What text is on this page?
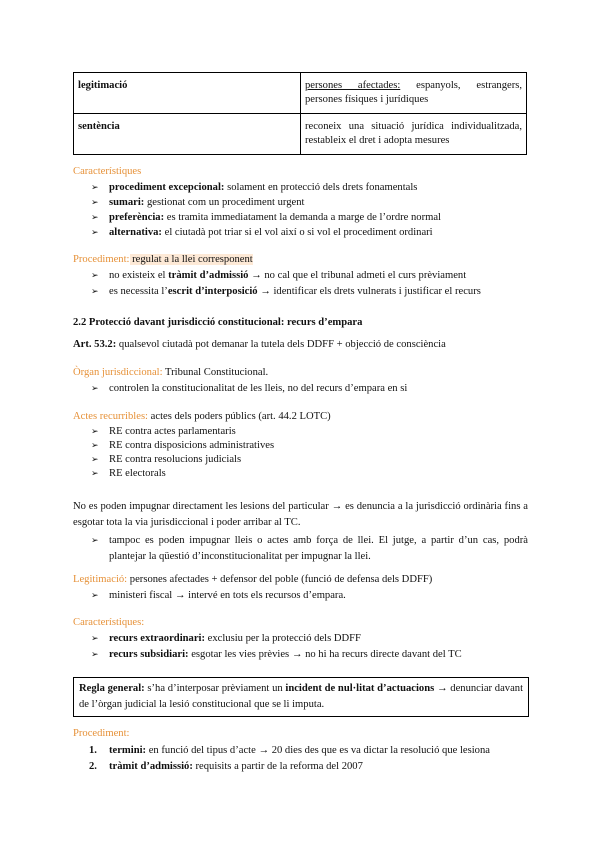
legitimació	persones afectades: espanyols, estrangers, persones físiques i jurídiques
sentència	reconeix una situació jurídica individualitzada, restableix el dret i adopta mesures
Característiques
➢ procediment excepcional: solament en protecció dels drets fonamentals
➢ sumari: gestionat com un procediment urgent
➢ preferència: es tramita immediatament la demanda a marge de l’ordre normal
➢ alternativa: el ciutadà pot triar si el vol així o si vol el procediment ordinari
Procediment: regulat a la llei corresponent
➢ no existeix el tràmit d’admissió → no cal que el tribunal admeti el curs prèviament
➢ es necessita l’escrit d’interposició → identificar els drets vulnerats i justificar el recurs
2.2 Protecció davant jurisdicció constitucional: recurs d’empara
Art. 53.2: qualsevol ciutadà pot demanar la tutela dels DDFF + objecció de consciència
Òrgan jurisdiccional: Tribunal Constitucional.
➢ controlen la constitucionalitat de les lleis, no del recurs d’empara en si
Actes recurribles: actes dels poders públics (art. 44.2 LOTC)
➢ RE contra actes parlamentaris
➢ RE contra disposicions administratives
➢ RE contra resolucions judicials
➢ RE electorals
No es poden impugnar directament les lesions del particular → es denuncia a la jurisdicció ordinària fins a esgotar tota la via jurisdiccional i poder arribar al TC.
➢ tampoc es poden impugnar lleis o actes amb força de llei. El jutge, a partir d’un cas, podrà plantejar la qüestió d’inconstitucionalitat per impugnar la llei.
Legitimació: persones afectades + defensor del poble (funció de defensa dels DDFF)
➢ ministeri fiscal → intervé en tots els recursos d’empara.
Característiques:
➢ recurs extraordinari: exclusiu per la protecció dels DDFF
➢ recurs subsidiari: esgotar les vies prèvies → no hi ha recurs directe davant del TC
Regla general: s’ha d’interposar prèviament un incident de nul·litat d’actuacions → denunciar davant de l’òrgan judicial la lesió constitucional que se li imputa.
Procediment:
1. termini: en funció del tipus d’acte → 20 dies des que es va dictar la resolució que lesiona
2. tràmit d’admissió: requisits a partir de la reforma del 2007
